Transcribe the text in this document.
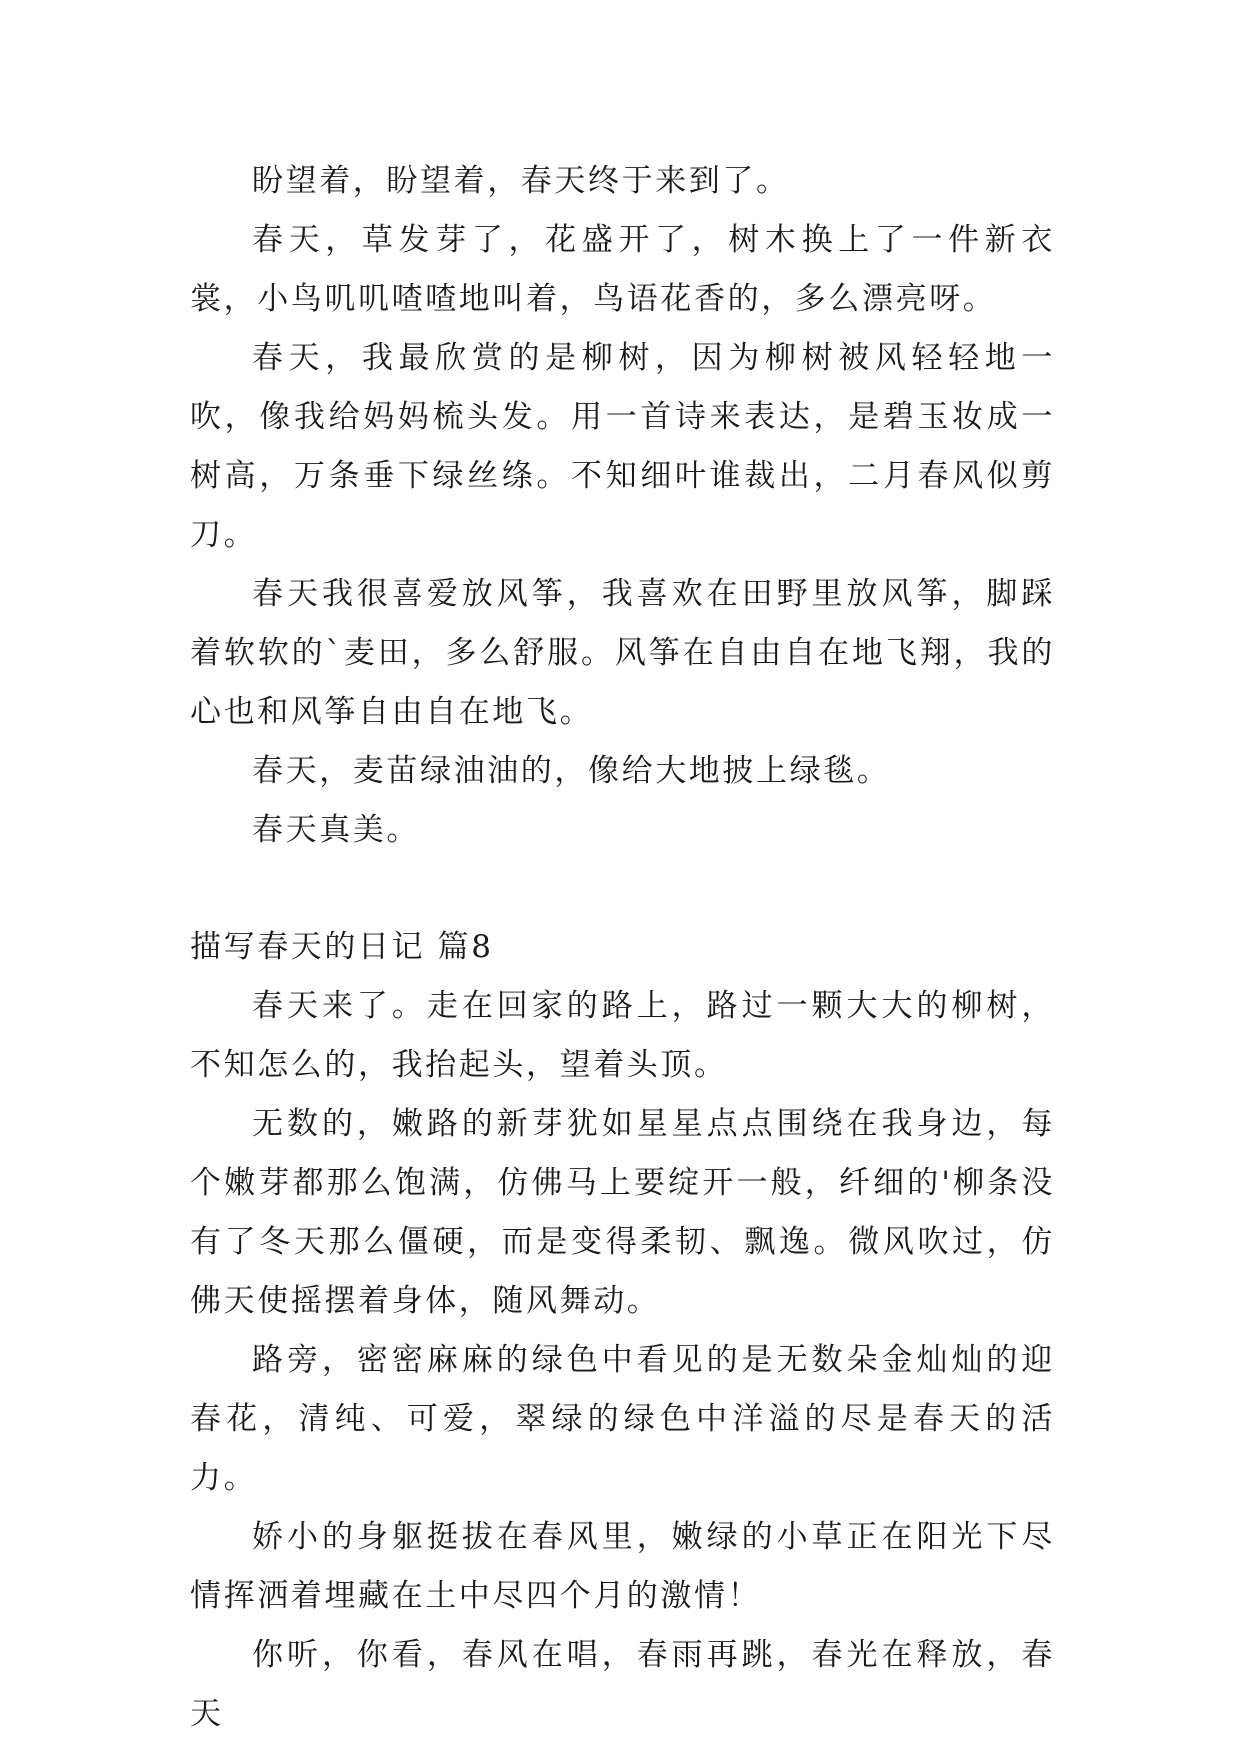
盼望着，盼望着，春天终于来到了。

春天，草发芽了，花盛开了，树木换上了一件新衣裳，小鸟叽叽喳喳地叫着，鸟语花香的，多么漂亮呀。

春天，我最欣赏的是柳树，因为柳树被风轻轻地一吹，像我给妈妈梳头发。用一首诗来表达，是碧玉妆成一树高，万条垂下绿丝绦。不知细叶谁裁出，二月春风似剪刀。

春天我很喜爱放风筝，我喜欢在田野里放风筝，脚踩着软软的`麦田，多么舒服。风筝在自由自在地飞翔，我的心也和风筝自由自在地飞。

春天，麦苗绿油油的，像给大地披上绿毯。

春天真美。

描写春天的日记 篇8

春天来了。走在回家的路上，路过一颗大大的柳树，不知怎么的，我抬起头，望着头顶。

无数的，嫩路的新芽犹如星星点点围绕在我身边，每个嫩芽都那么饱满，仿佛马上要绽开一般，纤细的'柳条没有了冬天那么僵硬，而是变得柔韧、飘逸。微风吹过，仿佛天使摇摆着身体，随风舞动。

路旁，密密麻麻的绿色中看见的是无数朵金灿灿的迎春花，清纯、可爱，翠绿的绿色中洋溢的尽是春天的活力。

娇小的身躯挺拔在春风里，嫩绿的小草正在阳光下尽情挥洒着埋藏在土中尽四个月的激情！

你听，你看，春风在唱，春雨再跳，春光在释放，春天
